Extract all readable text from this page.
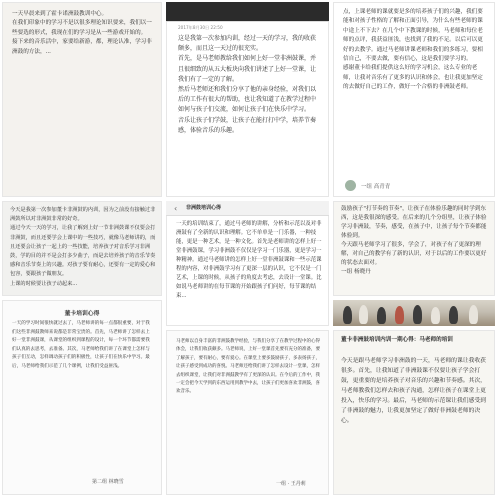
一天早晨来到了霍卡诺洲鼓教训中心。
在我们印象中的学习不是以很多理论知识要来，我们以一些要选的形式，我现在们的学习是从一些游戏开始的。
接下来的音乐活中，家要给新游，都，理论认准，学习非洲鼓的方法，...
2017年8月30日 22:50
这是我第一次参加内训，经过一天的学习，我的收获颇多，而且这一天过的很充实。
首先，是马老师教给我们如何上好一堂非洲鼓课，并且很细致的从五大板块向我们讲述了上好一堂课，让我们有了一定的了解。
然后马老师还和我们分享了他的亲身经验，对我们以后的工作有很大的帮助，也让我知道了在教学过程中如何与孩子们交流，如何让孩子们在快乐中学习。
音乐让孩子们学鼓，让孩子在能打打中学，培养节奏感，体验音乐的乐趣。
点，上课老师的课就要是多的培养孩子们的兴趣，我们要能和对孩子性格的了解和正面引导，为什么有些老师的课中途上不下去？在几个中下教课的时候，马老师和每位老师的点评，我获益匪浅，也找到了我的不足。以后可以更好的去教学。通过马老师讲课老师和我们的多练习，要相信自己，不要去做，要有信心，这是我们要学习的。
感谢董卡给我们提供这么好的学习机会，这么专业的老师，让我对音乐有了更多的认识和体会，也让我更加坚定的去做好自己的工作，做好一个合格的非洲鼓老师。
一组 高青青
今天是我第一次参加董卡非洲鼓的内训，因为之前没有接触过非洲鼓所以对非洲鼓非常的好奇。
通过今天一天的学习，让我了解到上好一节非洲鼓课不仅要会打非洲鼓，而且还要学会上课中的一些技巧，就像马老师讲的，而且还要会让孩子一起上的一些技能，培养孩子对音乐学习非洲鼓，学的目的并不是会打多少曲子，而是去培养孩子的音乐节奏感和音乐节奏上的兴趣。对孩子要有耐心，还要有一定的爱心和包容，要跟孩子做朋友。
上课的时候要让孩子动起来...
‹ 非洲鼓培训心得
一天的培训结束了，通过马老师的讲解，分析和示范以及对非洲鼓有了全新的认识和理解。它不单单是一门乐器，一种技能，更是一种艺术，是一种文化。首先是老师讲的怎样上好一堂非洲鼓课，学习非洲鼓不仅仅是学习一门乐器，更是学习一种精神。通过马老师讲的怎样上好一堂非洲鼓课和一些示范课程的内容，对非洲鼓学习有了更深一层的认识，它不仅是一门艺术，上课的时候，从孩子的角度去考虑，去设计一堂课。比如说马老师讲的在每节课的开始跟孩子们问好，每节课的结束...
鼓励孩子"打节奏的节奏"，让孩子在体验乐趣的同时学到东西，这是我很深的感受。在后来的几个分组里，让孩子体验学习非洲鼓，节奏，感受，在孩子中，让孩子每个节奏都能体验到。
今天跟马老师学习了很多，学会了，对孩子有了更深的理解，对自己的教学有了新的认识，对于以后的工作要以更好的状态去面对。
一组 杨晓丹
董卡培训心得
一天的学习时间很快就过去了，马老师讲的每一点都很重要，对于我们这些非洲鼓教师来说都是非常宝贵的。首先，马老师讲了怎样去上好一堂非洲鼓课，从课堂的组织到课程的设计，每一个环节都需要我们认真的去思考，去准备。其次，马老师给我们讲了在课堂上怎样与孩子们互动，怎样调动孩子们的积极性，让孩子们在快乐中学习。最后，马老师给我们示范了几个课例，让我们受益匪浅。
第二组 林晓雪
马老师以自身丰富的非洲鼓教学经验，与我们分享了在教学过程中的心得体会，让我们收获颇多。马老师说，上好一堂课首先要有充分的准备，要了解孩子，要有耐心，要有爱心。在课堂上要多鼓励孩子，多表扬孩子，让孩子感受到成功的喜悦。马老师还给我们讲了怎样去设计一堂课，怎样去组织课堂，让我们对非洲鼓教学有了更深的认识。在今后的工作中，我一定会把今天学到的东西运用到教学中去，让孩子们更加喜欢非洲鼓，喜欢音乐。
一组 · 王丹莉
董卡非洲鼓培训内训一期心得：马老师的培训
今天是跟马老师学习非洲鼓的一天，马老师的课让我收获很多。首先，让我知道了非洲鼓课不仅要让孩子学会打鼓，更重要的是培养孩子对音乐的兴趣和节奏感。其次，马老师教我们怎样去和孩子沟通，怎样让孩子在课堂上更投入，快乐的学习。最后，马老师的示范课让我们感受到了非洲鼓的魅力，让我更加坚定了做好非洲鼓老师的决心。
